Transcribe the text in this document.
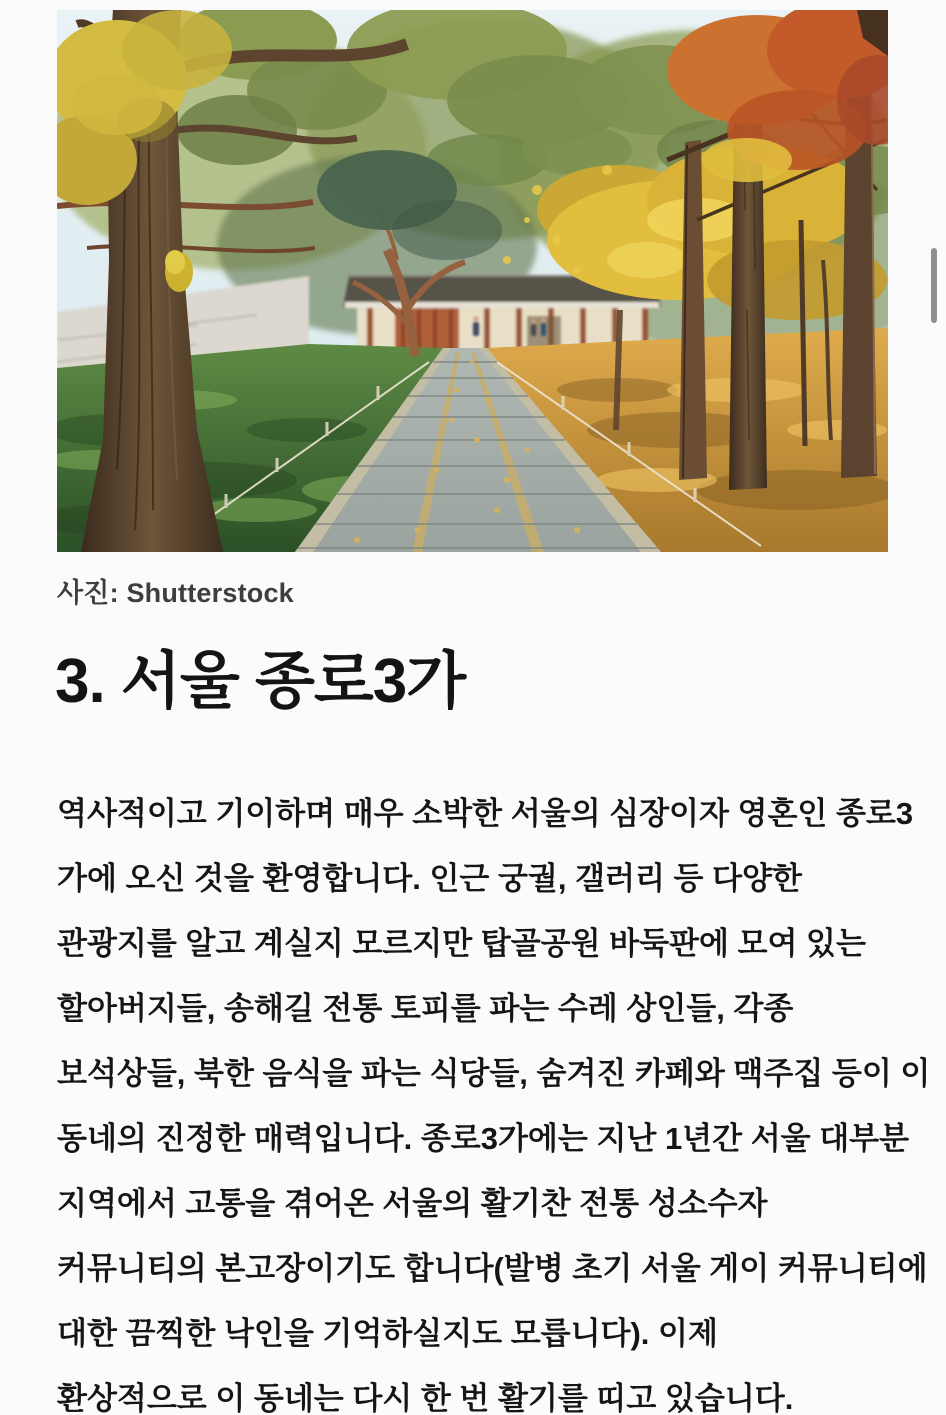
사진: Shutterstock
3. 서울 종로3가

역사적이고 기이하며 매우 소박한 서울의 심장이자 영혼인 종로3

가에 오신 것을 환영합니다. 인근 궁궐, 갤러리 등 다양한

관광지를 알고 계실지 모르지만 탑골공원 바둑판에 모여 있는

할아버지들, 송해길 전통 토피를 파는 수레 상인들, 각종

보석상들, 북한 음식을 파는 식당들, 숨겨진 카페와 맥주집 등이 이

동네의 진정한 매력입니다. 종로3가에는 지난 1년간 서울 대부분

지역에서 고통을 겪어온 서울의 활기찬 전통 성소수자

커뮤니티의 본고장이기도 합니다(발병 초기 서울 게이 커뮤니티에

대한 끔찍한 낙인을 기억하실지도 모릅니다). 이제

환상적으로 이 동네는 다시 한 번 활기를 띠고 있습니다.
